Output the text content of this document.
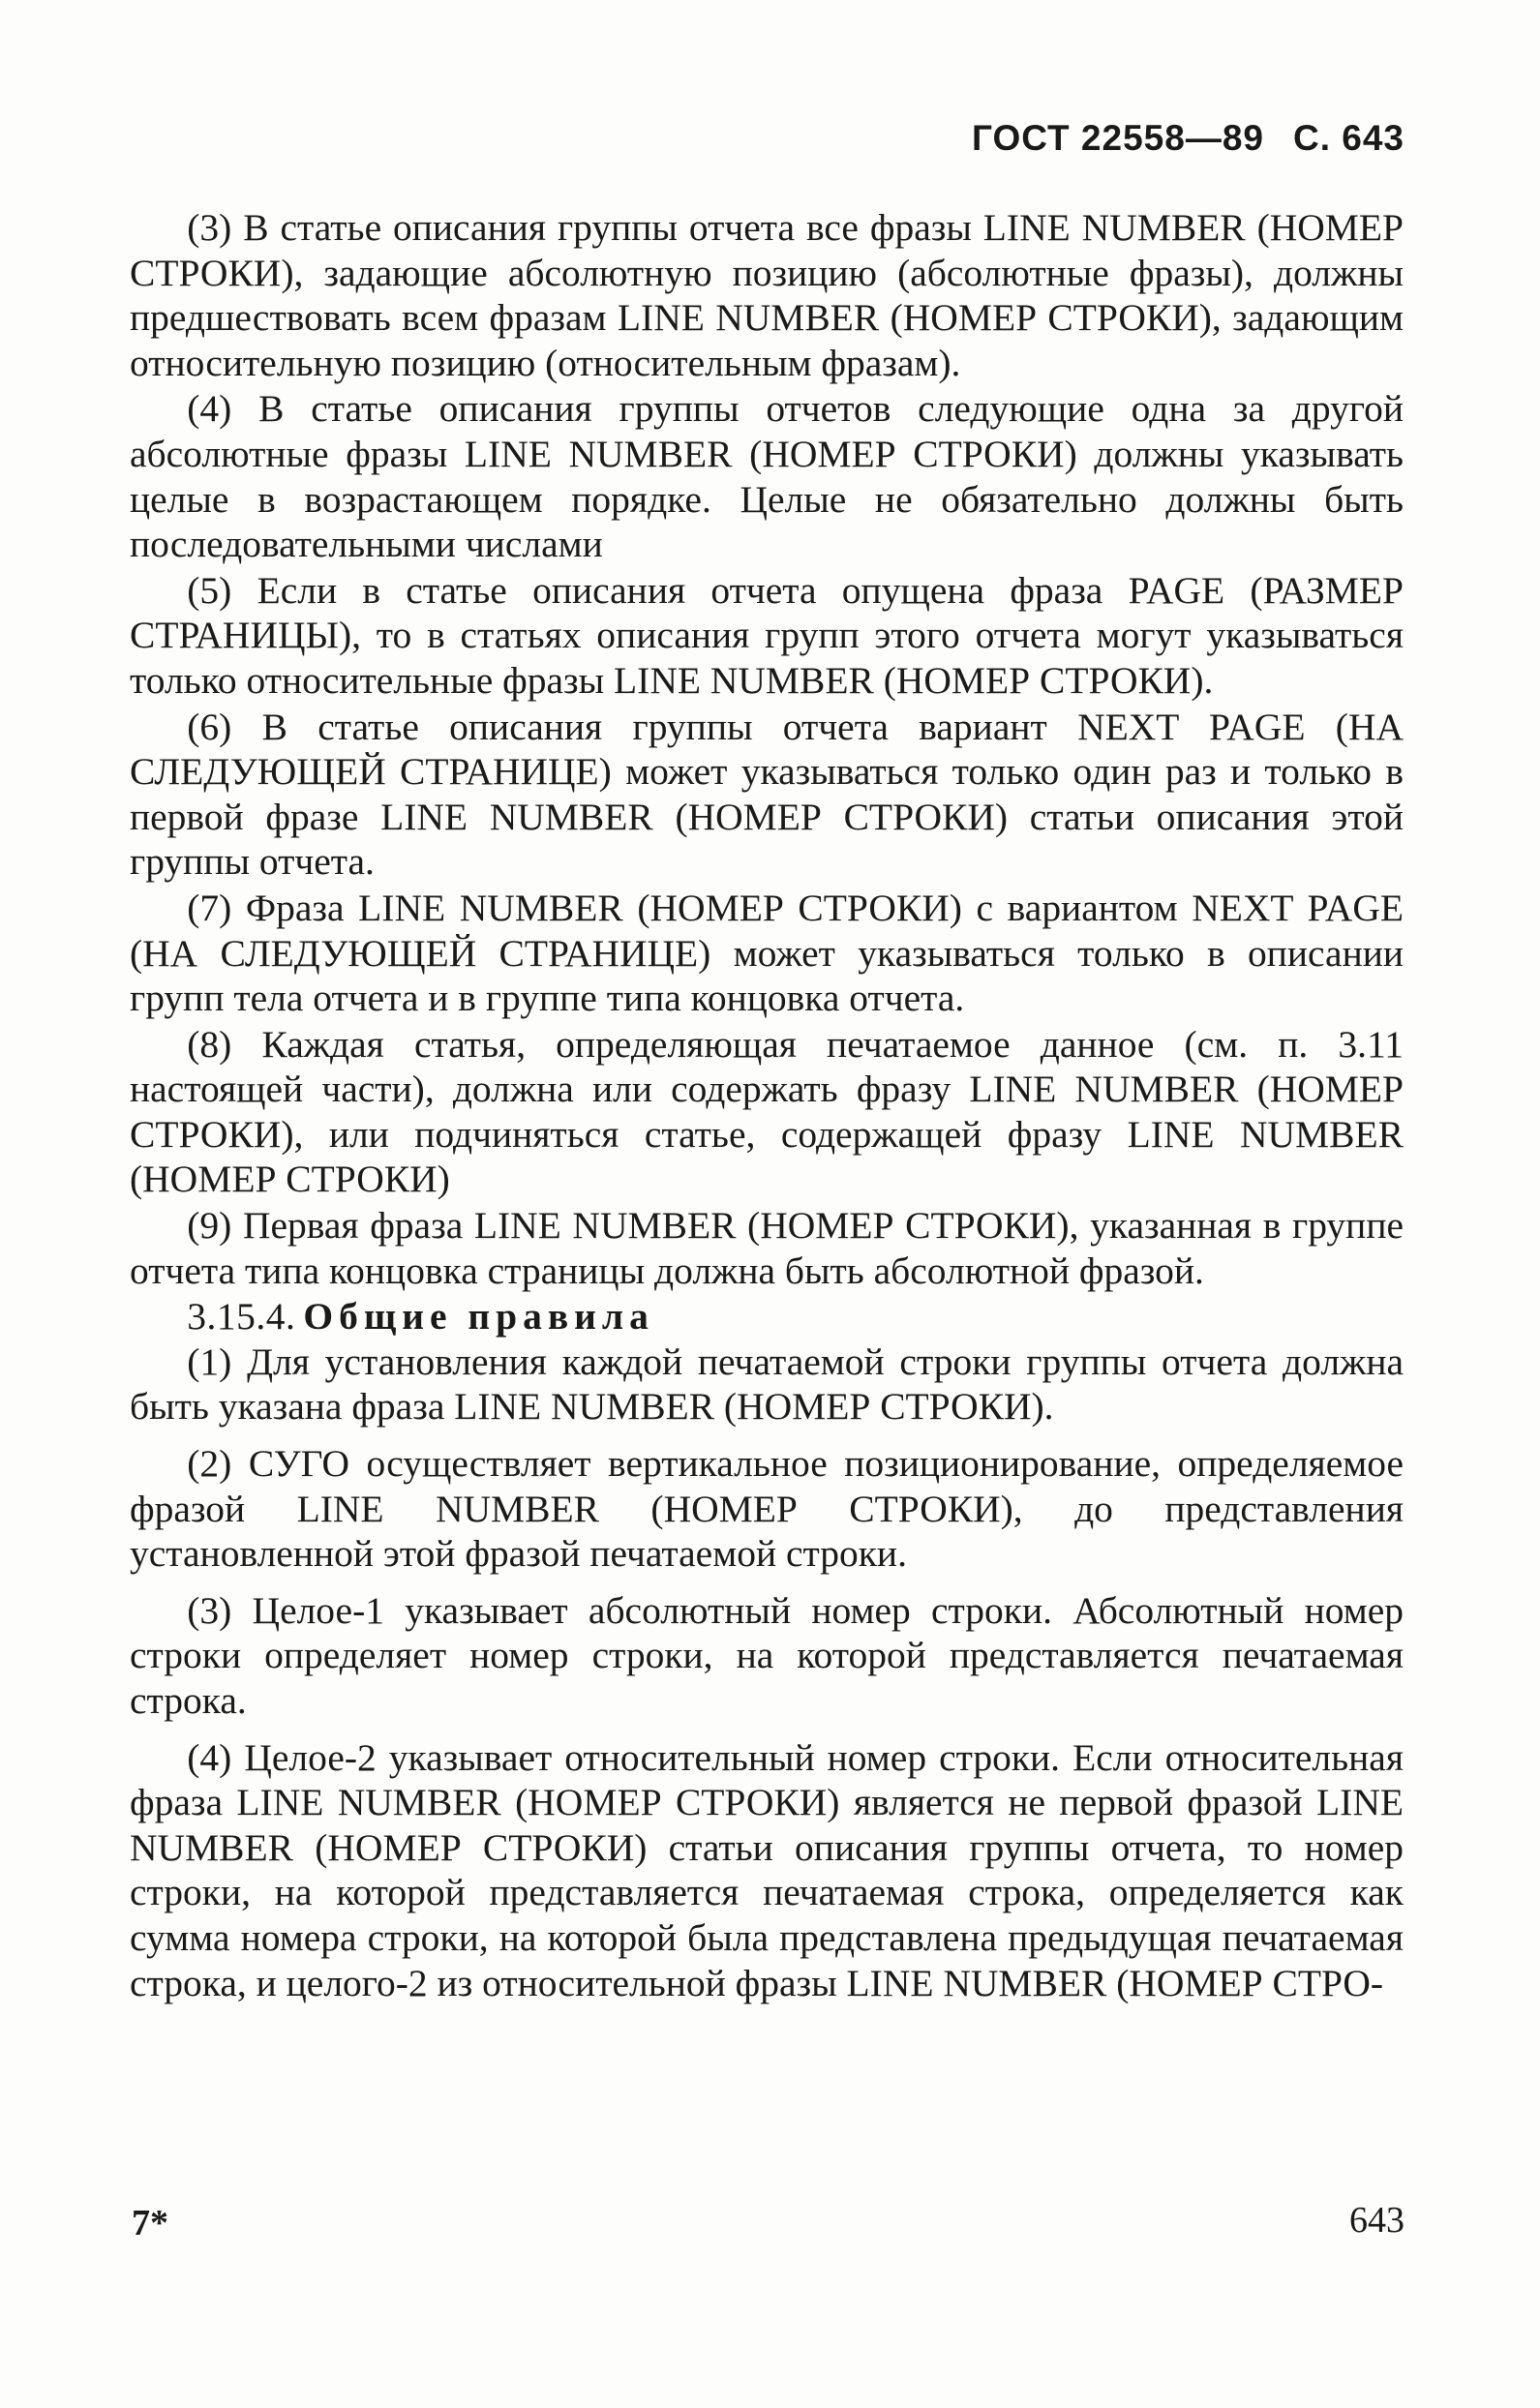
ГОСТ 22558—89 С. 643

(3) В статье описания группы отчета все фразы LINE NUMBER (НОМЕР СТРОКИ), задающие абсолютную позицию (абсолютные фразы), должны предшествовать всем фразам LINE NUMBER (НОМЕР СТРОКИ), задающим относительную позицию (относительным фразам).

(4) В статье описания группы отчетов следующие одна за другой абсолютные фразы LINE NUMBER (НОМЕР СТРОКИ) должны указывать целые в возрастающем порядке. Целые не обязательно должны быть последовательными числами

(5) Если в статье описания отчета опущена фраза PAGE (РАЗМЕР СТРАНИЦЫ), то в статьях описания групп этого отчета могут указываться только относительные фразы LINE NUMBER (НОМЕР СТРОКИ).

(6) В статье описания группы отчета вариант NEXT PAGE (НА СЛЕДУЮЩЕЙ СТРАНИЦЕ) может указываться только один раз и только в первой фразе LINE NUMBER (НОМЕР СТРОКИ) статьи описания этой группы отчета.

(7) Фраза LINE NUMBER (НОМЕР СТРОКИ) с вариантом NEXT PAGE (НА СЛЕДУЮЩЕЙ СТРАНИЦЕ) может указываться только в описании групп тела отчета и в группе типа концовка отчета.

(8) Каждая статья, определяющая печатаемое данное (см. п. 3.11 настоящей части), должна или содержать фразу LINE NUMBER (НОМЕР СТРОКИ), или подчиняться статье, содержащей фразу LINE NUMBER (НОМЕР СТРОКИ)

(9) Первая фраза LINE NUMBER (НОМЕР СТРОКИ), указанная в группе отчета типа концовка страницы должна быть абсолютной фразой.

3.15.4. Общие правила

(1) Для установления каждой печатаемой строки группы отчета должна быть указана фраза LINE NUMBER (НОМЕР СТРОКИ).

(2) СУГО осуществляет вертикальное позиционирование, определяемое фразой LINE NUMBER (НОМЕР СТРОКИ), до представления установленной этой фразой печатаемой строки.

(3) Целое-1 указывает абсолютный номер строки. Абсолютный номер строки определяет номер строки, на которой представляется печатаемая строка.

(4) Целое-2 указывает относительный номер строки. Если относительная фраза LINE NUMBER (НОМЕР СТРОКИ) является не первой фразой LINE NUMBER (НОМЕР СТРОКИ) статьи описания группы отчета, то номер строки, на которой представляется печатаемая строка, определяется как сумма номера строки, на которой была представлена предыдущая печатаемая строка, и целого-2 из относительной фразы LINE NUMBER (НОМЕР СТРО-

7*	643
